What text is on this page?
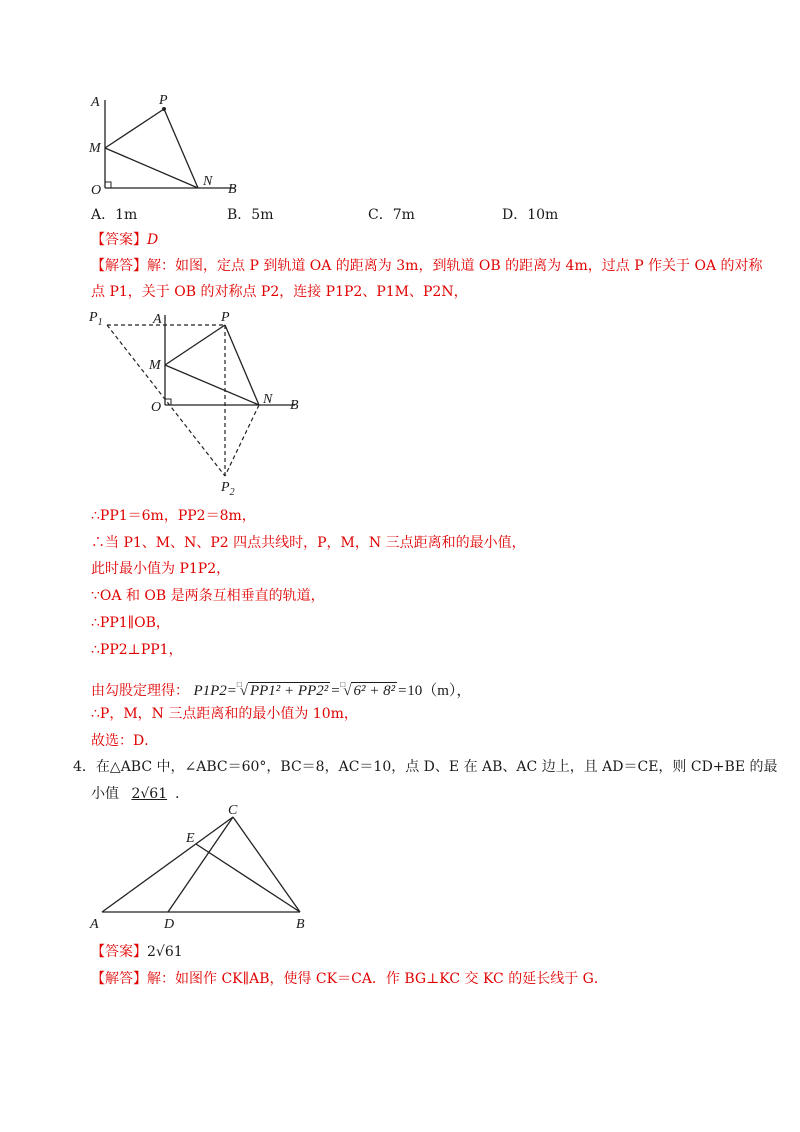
A	P
M
N
O	B
A．1m	B．5m	C．7m	D．10m
【答案】D
【解答】解：如图，定点 P 到轨道 OA 的距离为 3m，到轨道 OB 的距离为 4m，过点 P 作关于 OA 的对称
点 P1，关于 OB 的对称点 P2，连接 P1P2、P1M、P2N，
$P_1$	A	P
M
O
N B
$P_2$
∴PP1＝6m，PP2＝8m，
∴当 P1、M、N、P2 四点共线时，P，M，N 三点距离和的最小值，
此时最小值为 P1P2，
∵OA 和 OB 是两条互相垂直的轨道，
∴PP1∥OB，
∴PP2⊥PP1，
由勾股定理得： P1P2=□√ PP1² + PP2² =□√ 6² + 8² =10（m），
∴P，M，N 三点距离和的最小值为 10m，
故选：D．
4．在△ABC 中，∠ABC＝60°，BC＝8，AC＝10，点 D、E 在 AB、AC 边上，且 AD＝CE，则 CD+BE 的最
小值 2√61 ．
C
E
A	D	B
【答案】2√61
【解答】解：如图作 CK∥AB，使得 CK＝CA．作 BG⊥KC 交 KC 的延长线于 G．
